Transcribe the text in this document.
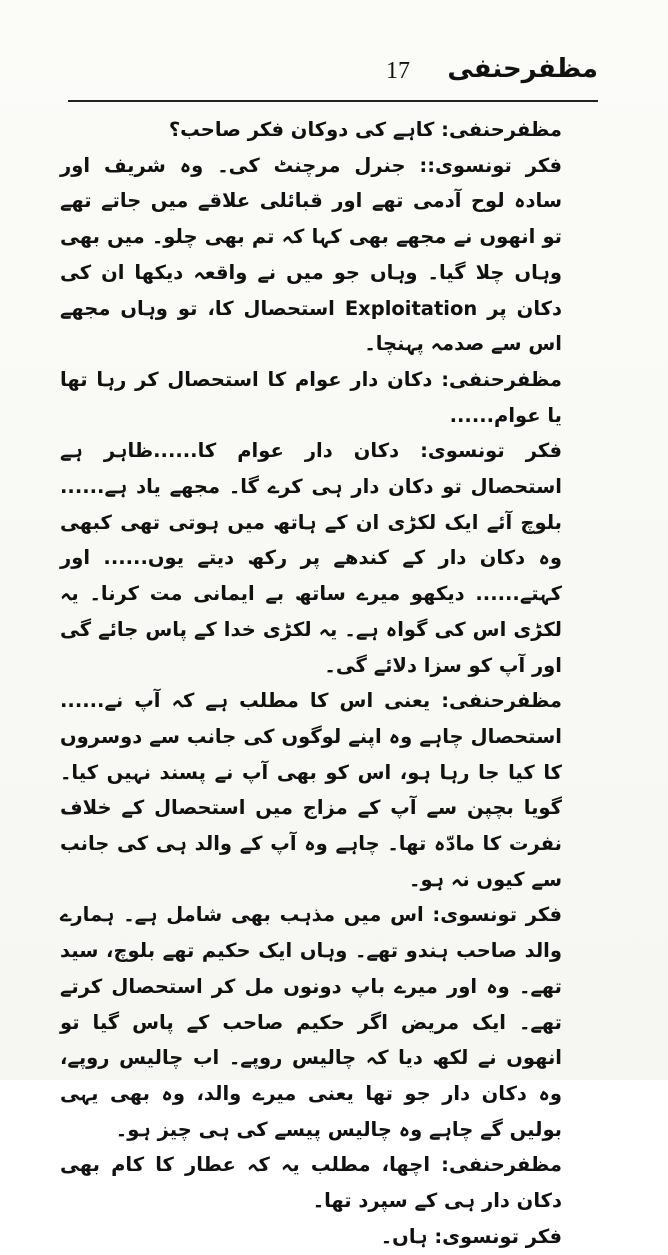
17	مظفرحنفی

مظفرحنفی: کاہے کی دوکان فکر صاحب؟

فکر تونسوی:: جنرل مرچنٹ کی۔ وہ شریف اور سادہ لوح آدمی تھے اور قبائلی علاقے میں جاتے تھے تو انھوں نے مجھے بھی کہا کہ تم بھی چلو۔ میں بھی وہاں چلا گیا۔ وہاں جو میں نے واقعہ دیکھا ان کی دکان پر Exploitation استحصال کا، تو وہاں مجھے اس سے صدمہ پہنچا۔

مظفرحنفی: دکان دار عوام کا استحصال کر رہا تھا یا عوام......

فکر تونسوی: دکان دار عوام کا......ظاہر ہے استحصال تو دکان دار ہی کرے گا۔ مجھے یاد ہے...... بلوچ آئے ایک لکڑی ان کے ہاتھ میں ہوتی تھی کبھی وہ دکان دار کے کندھے پر رکھ دیتے یوں...... اور کہتے...... دیکھو میرے ساتھ بے ایمانی مت کرنا۔ یہ لکڑی اس کی گواہ ہے۔ یہ لکڑی خدا کے پاس جائے گی اور آپ کو سزا دلائے گی۔

مظفرحنفی: یعنی اس کا مطلب ہے کہ آپ نے...... استحصال چاہے وہ اپنے لوگوں کی جانب سے دوسروں کا کیا جا رہا ہو، اس کو بھی آپ نے پسند نہیں کیا۔ گویا بچپن سے آپ کے مزاج میں استحصال کے خلاف نفرت کا مادّہ تھا۔ چاہے وہ آپ کے والد ہی کی جانب سے کیوں نہ ہو۔

فکر تونسوی: اس میں مذہب بھی شامل ہے۔ ہمارے والد صاحب ہندو تھے۔ وہاں ایک حکیم تھے بلوچ، سید تھے۔ وہ اور میرے باپ دونوں مل کر استحصال کرتے تھے۔ ایک مریض اگر حکیم صاحب کے پاس گیا تو انھوں نے لکھ دیا کہ چالیس روپے۔ اب چالیس روپے، وہ دکان دار جو تھا یعنی میرے والد، وہ بھی یہی بولیں گے چاہے وہ چالیس پیسے کی ہی چیز ہو۔

مظفرحنفی: اچھا، مطلب یہ کہ عطار کا کام بھی دکان دار ہی کے سپرد تھا۔

فکر تونسوی: ہاں۔
